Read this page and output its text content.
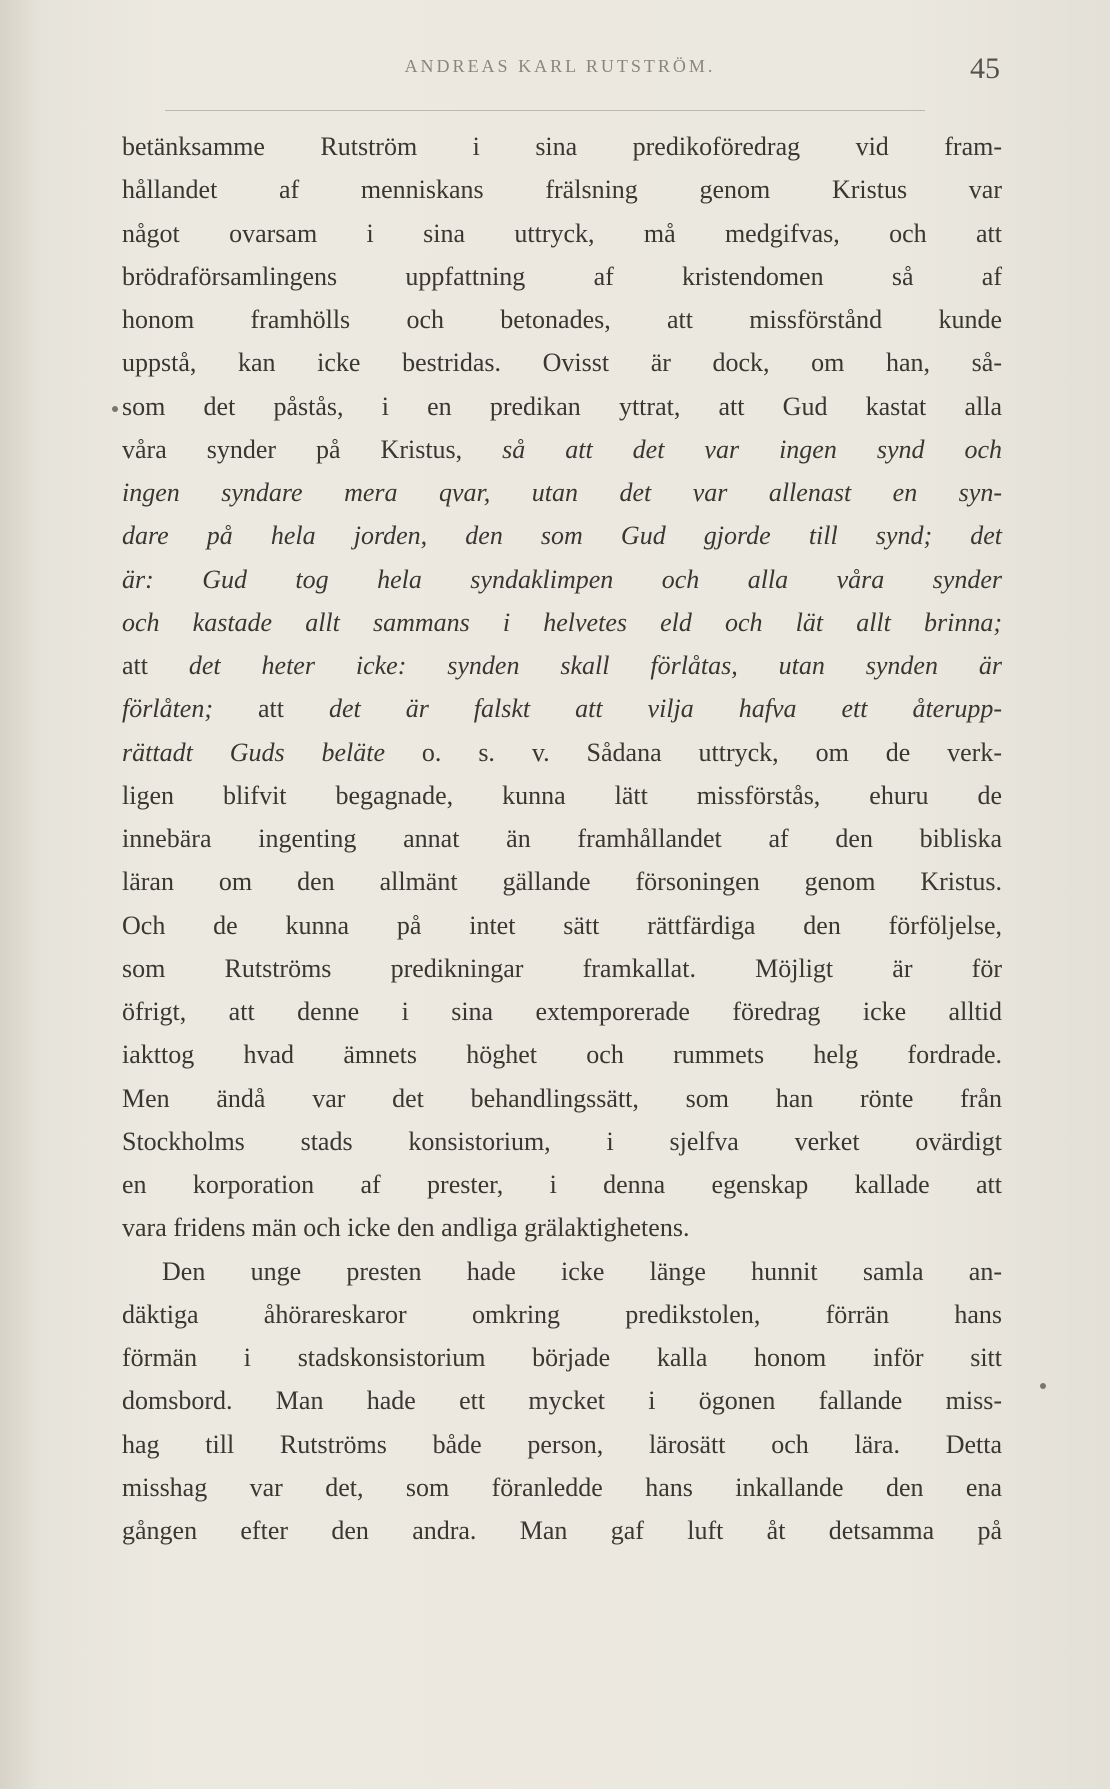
ANDREAS KARL RUTSTRÖM.	45
betänksamme Rutström i sina predikoföredrag vid fram-
hållandet af menniskans frälsning genom Kristus var
något ovarsam i sina uttryck, må medgifvas, och att
brödraförsamlingens uppfattning af kristendomen så af
honom framhölls och betonades, att missförstånd kunde
uppstå, kan icke bestridas. Ovisst är dock, om han, så-
som det påstås, i en predikan yttrat, att Gud kastat alla
våra synder på Kristus, så att det var ingen synd och
ingen syndare mera qvar, utan det var allenast en syn-
dare på hela jorden, den som Gud gjorde till synd; det
är: Gud tog hela syndaklimpen och alla våra synder
och kastade allt sammans i helvetes eld och lät allt brinna;
att det heter icke: synden skall förlåtas, utan synden är
förlåten; att det är falskt att vilja hafva ett återupp-
rättadt Guds beläte o. s. v. Sådana uttryck, om de verk-
ligen blifvit begagnade, kunna lätt missförstås, ehuru de
innebära ingenting annat än framhållandet af den bibliska
läran om den allmänt gällande försoningen genom Kristus.
Och de kunna på intet sätt rättfärdiga den förföljelse,
som Rutströms predikningar framkallat. Möjligt är för
öfrigt, att denne i sina extemporerade föredrag icke alltid
iakttog hvad ämnets höghet och rummets helg fordrade.
Men ändå var det behandlingssätt, som han rönte från
Stockholms stads konsistorium, i sjelfva verket ovärdigt
en korporation af prester, i denna egenskap kallade att
vara fridens män och icke den andliga grälaktighetens.
Den unge presten hade icke länge hunnit samla an-
däktiga åhörareskaror omkring predikstolen, förrän hans
förmän i stadskonsistorium började kalla honom inför sitt
domsbord. Man hade ett mycket i ögonen fallande miss-
hag till Rutströms både person, lärosätt och lära. Detta
misshag var det, som föranledde hans inkallande den ena
gången efter den andra. Man gaf luft åt detsamma på
